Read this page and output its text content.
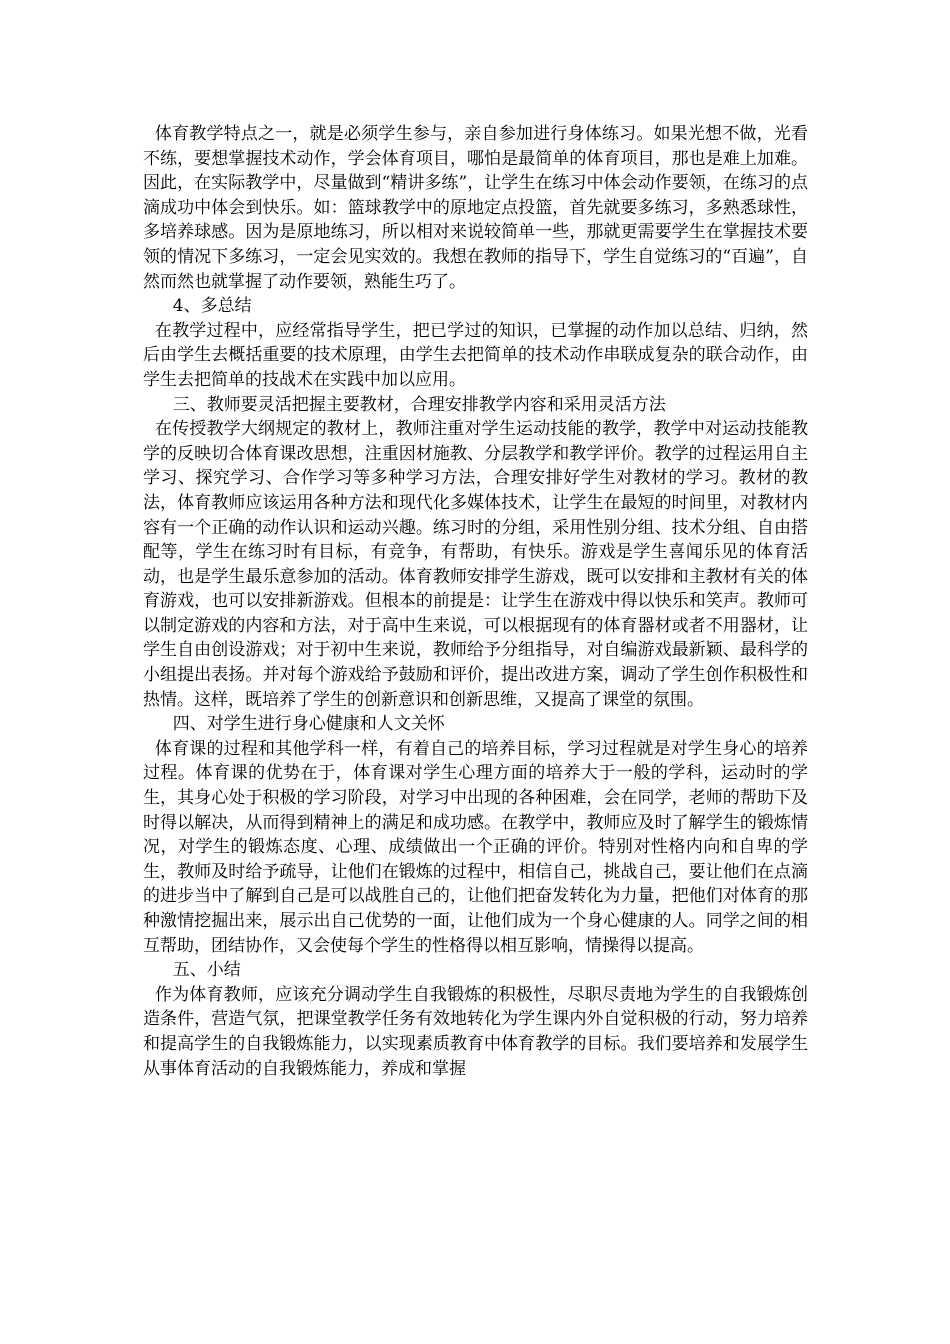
体育教学特点之一，就是必须学生参与，亲自参加进行身体练习。如果光想不做，光看不练，要想掌握技术动作，学会体育项目，哪怕是最简单的体育项目，那也是难上加难。因此，在实际教学中，尽量做到“精讲多练”，让学生在练习中体会动作要领，在练习的点滴成功中体会到快乐。如：篮球教学中的原地定点投篮，首先就要多练习，多熟悉球性，多培养球感。因为是原地练习，所以相对来说较简单一些，那就更需要学生在掌握技术要领的情况下多练习，一定会见实效的。我想在教师的指导下，学生自觉练习的“百遍”，自然而然也就掌握了动作要领，熟能生巧了。

4、多总结

在教学过程中，应经常指导学生，把已学过的知识，已掌握的动作加以总结、归纳，然后由学生去概括重要的技术原理，由学生去把简单的技术动作串联成复杂的联合动作，由学生去把简单的技战术在实践中加以应用。

三、教师要灵活把握主要教材，合理安排教学内容和采用灵活方法

在传授教学大纲规定的教材上，教师注重对学生运动技能的教学，教学中对运动技能教学的反映切合体育课改思想，注重因材施教、分层教学和教学评价。教学的过程运用自主学习、探究学习、合作学习等多种学习方法，合理安排好学生对教材的学习。教材的教法，体育教师应该运用各种方法和现代化多媒体技术，让学生在最短的时间里，对教材内容有一个正确的动作认识和运动兴趣。练习时的分组，采用性别分组、技术分组、自由搭配等，学生在练习时有目标，有竞争，有帮助，有快乐。游戏是学生喜闻乐见的体育活动，也是学生最乐意参加的活动。体育教师安排学生游戏，既可以安排和主教材有关的体育游戏，也可以安排新游戏。但根本的前提是：让学生在游戏中得以快乐和笑声。教师可以制定游戏的内容和方法，对于高中生来说，可以根据现有的体育器材或者不用器材，让学生自由创设游戏；对于初中生来说，教师给予分组指导，对自编游戏最新颖、最科学的小组提出表扬。并对每个游戏给予鼓励和评价，提出改进方案，调动了学生创作积极性和热情。这样，既培养了学生的创新意识和创新思维，又提高了课堂的氛围。

四、对学生进行身心健康和人文关怀

体育课的过程和其他学科一样，有着自己的培养目标，学习过程就是对学生身心的培养过程。体育课的优势在于，体育课对学生心理方面的培养大于一般的学科，运动时的学生，其身心处于积极的学习阶段，对学习中出现的各种困难，会在同学，老师的帮助下及时得以解决，从而得到精神上的满足和成功感。在教学中，教师应及时了解学生的锻炼情况，对学生的锻炼态度、心理、成绩做出一个正确的评价。特别对性格内向和自卑的学生，教师及时给予疏导，让他们在锻炼的过程中，相信自己，挑战自己，要让他们在点滴的进步当中了解到自己是可以战胜自己的，让他们把奋发转化为力量，把他们对体育的那种激情挖掘出来，展示出自己优势的一面，让他们成为一个身心健康的人。同学之间的相互帮助，团结协作，又会使每个学生的性格得以相互影响，情操得以提高。

五、小结

作为体育教师，应该充分调动学生自我锻炼的积极性，尽职尽责地为学生的自我锻炼创造条件，营造气氛，把课堂教学任务有效地转化为学生课内外自觉积极的行动，努力培养和提高学生的自我锻炼能力，以实现素质教育中体育教学的目标。我们要培养和发展学生从事体育活动的自我锻炼能力，养成和掌握
